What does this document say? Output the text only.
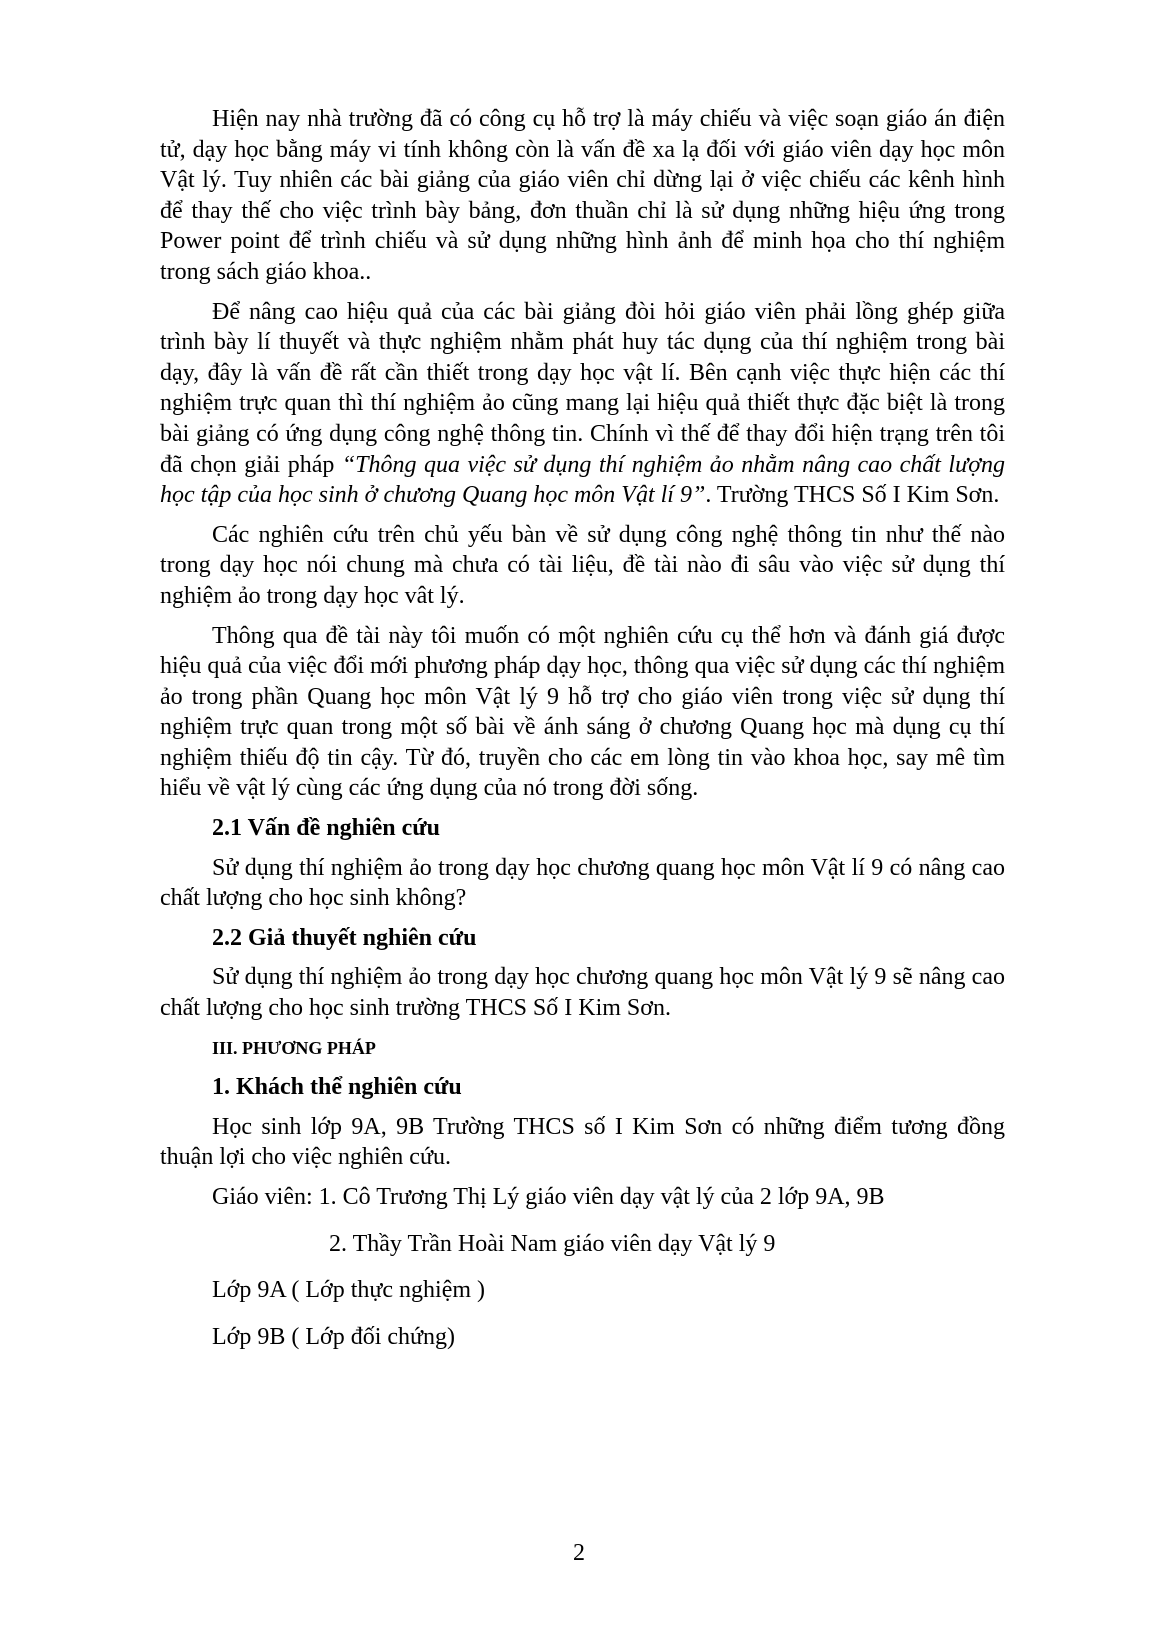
Hiện nay nhà trường đã có công cụ hỗ trợ là máy chiếu và việc soạn giáo án điện tử, dạy học bằng máy vi tính không còn là vấn đề xa lạ đối với giáo viên dạy học môn Vật lý. Tuy nhiên các bài giảng của giáo viên chỉ dừng lại ở việc chiếu các kênh hình để thay thế cho việc trình bày bảng, đơn thuần chỉ là sử dụng những hiệu ứng trong Power point để trình chiếu và sử dụng những hình ảnh để minh họa cho thí nghiệm trong sách giáo khoa..

Để nâng cao hiệu quả của các bài giảng đòi hỏi giáo viên phải lồng ghép giữa trình bày lí thuyết và thực nghiệm nhằm phát huy tác dụng của thí nghiệm trong bài dạy, đây là vấn đề rất cần thiết trong dạy học vật lí. Bên cạnh việc thực hiện các thí nghiệm trực quan thì thí nghiệm ảo cũng mang lại hiệu quả thiết thực đặc biệt là trong bài giảng có ứng dụng công nghệ thông tin. Chính vì thế để thay đổi hiện trạng trên tôi đã chọn giải pháp “Thông qua việc sử dụng thí nghiệm ảo nhằm nâng cao chất lượng học tập của học sinh ở chương Quang học môn Vật lí 9”. Trường THCS Số I Kim Sơn.

Các nghiên cứu trên chủ yếu bàn về sử dụng công nghệ thông tin như thế nào trong dạy học nói chung mà chưa có tài liệu, đề tài nào đi sâu vào việc sử dụng thí nghiệm ảo trong dạy học vât lý.

Thông qua đề tài này tôi muốn có một nghiên cứu cụ thể hơn và đánh giá được hiệu quả của việc đổi mới phương pháp dạy học, thông qua việc sử dụng các thí nghiệm ảo trong phần Quang học môn Vật lý 9 hỗ trợ cho giáo viên trong việc sử dụng thí nghiệm trực quan trong một số bài về ánh sáng ở chương Quang học mà dụng cụ thí nghiệm thiếu độ tin cậy. Từ đó, truyền cho các em lòng tin vào khoa học, say mê tìm hiểu về vật lý cùng các ứng dụng của nó trong đời sống.

2.1 Vấn đề nghiên cứu

Sử dụng thí nghiệm ảo trong dạy học chương quang học môn Vật lí 9 có nâng cao chất lượng cho học sinh không?

2.2 Giả thuyết nghiên cứu

Sử dụng thí nghiệm ảo trong dạy học chương quang học môn Vật lý 9 sẽ nâng cao chất lượng cho học sinh trường THCS Số I Kim Sơn.

III. PHƯƠNG PHÁP

1. Khách thể nghiên cứu

Học sinh lớp 9A, 9B Trường THCS số I Kim Sơn có những điểm tương đồng thuận lợi cho việc nghiên cứu.

Giáo viên: 1. Cô Trương Thị Lý giáo viên dạy vật lý của 2 lớp 9A, 9B

2. Thầy Trần Hoài Nam giáo viên dạy Vật lý 9

Lớp 9A ( Lớp thực nghiệm )

Lớp 9B ( Lớp đối chứng)

2
